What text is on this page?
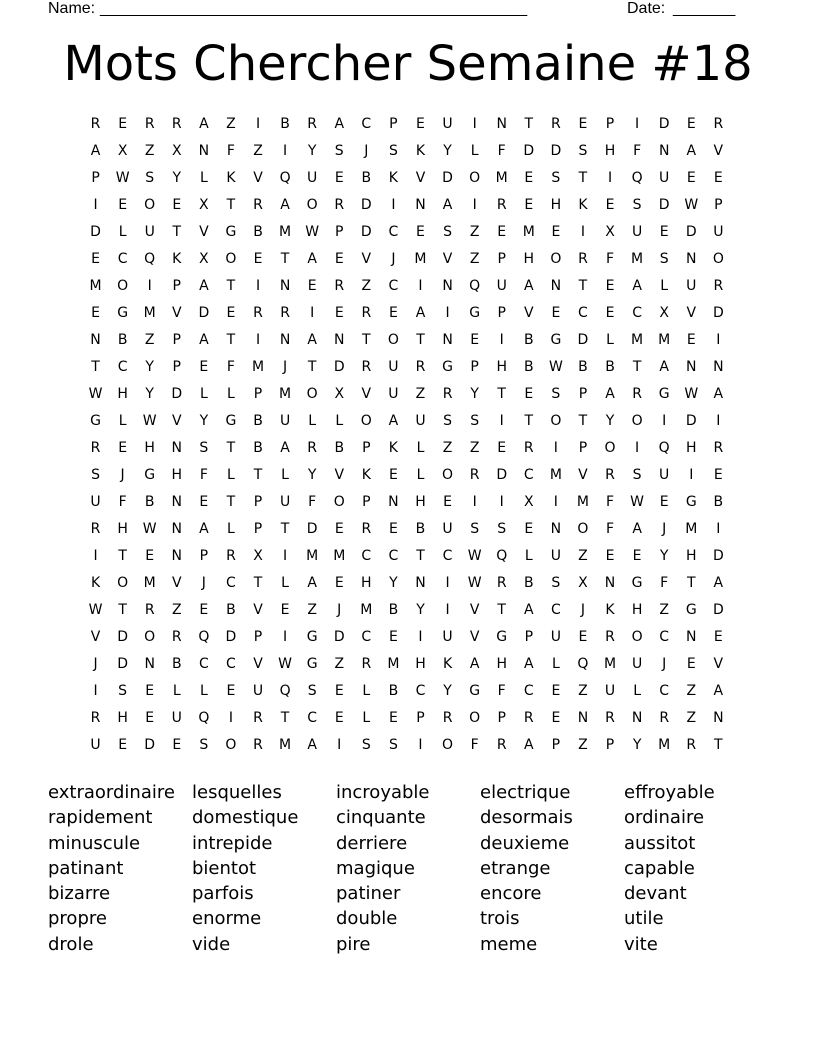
Name: ________________________________________________	Date: _______
Mots Chercher Semaine #18
R	E	R	R	A	Z	I	B	R	A	C	P	E	U	I	N	T	R	E	P	I	D	E	R
A	X	Z	X	N	F	Z	I	Y	S	J	S	K	Y	L	F	D	D	S	H	F	N	A	V
P	W	S	Y	L	K	V	Q	U	E	B	K	V	D	O	M	E	S	T	I	Q	U	E	E
I	E	O	E	X	T	R	A	O	R	D	I	N	A	I	R	E	H	K	E	S	D	W	P
D	L	U	T	V	G	B	M	W	P	D	C	E	S	Z	E	M	E	I	X	U	E	D	U
E	C	Q	K	X	O	E	T	A	E	V	J	M	V	Z	P	H	O	R	F	M	S	N	O
M	O	I	P	A	T	I	N	E	R	Z	C	I	N	Q	U	A	N	T	E	A	L	U	R
E	G	M	V	D	E	R	R	I	E	R	E	A	I	G	P	V	E	C	E	C	X	V	D
N	B	Z	P	A	T	I	N	A	N	T	O	T	N	E	I	B	G	D	L	M	M	E	I
T	C	Y	P	E	F	M	J	T	D	R	U	R	G	P	H	B	W	B	B	T	A	N	N
W	H	Y	D	L	L	P	M	O	X	V	U	Z	R	Y	T	E	S	P	A	R	G	W	A
G	L	W	V	Y	G	B	U	L	L	O	A	U	S	S	I	T	O	T	Y	O	I	D	I
R	E	H	N	S	T	B	A	R	B	P	K	L	Z	Z	E	R	I	P	O	I	Q	H	R
S	J	G	H	F	L	T	L	Y	V	K	E	L	O	R	D	C	M	V	R	S	U	I	E
U	F	B	N	E	T	P	U	F	O	P	N	H	E	I	I	X	I	M	F	W	E	G	B
R	H	W	N	A	L	P	T	D	E	R	E	B	U	S	S	E	N	O	F	A	J	M	I
I	T	E	N	P	R	X	I	M	M	C	C	T	C	W	Q	L	U	Z	E	E	Y	H	D
K	O	M	V	J	C	T	L	A	E	H	Y	N	I	W	R	B	S	X	N	G	F	T	A
W	T	R	Z	E	B	V	E	Z	J	M	B	Y	I	V	T	A	C	J	K	H	Z	G	D
V	D	O	R	Q	D	P	I	G	D	C	E	I	U	V	G	P	U	E	R	O	C	N	E
J	D	N	B	C	C	V	W	G	Z	R	M	H	K	A	H	A	L	Q	M	U	J	E	V
I	S	E	L	L	E	U	Q	S	E	L	B	C	Y	G	F	C	E	Z	U	L	C	Z	A
R	H	E	U	Q	I	R	T	C	E	L	E	P	R	O	P	R	E	N	R	N	R	Z	N
U	E	D	E	S	O	R	M	A	I	S	S	I	O	F	R	A	P	Z	P	Y	M	R	T
extraordinaire
rapidement
minuscule
patinant
bizarre
propre
drole
lesquelles
domestique
intrepide
bientot
parfois
enorme
vide
incroyable
cinquante
derriere
magique
patiner
double
pire
electrique
desormais
deuxieme
etrange
encore
trois
meme
effroyable
ordinaire
aussitot
capable
devant
utile
vite
